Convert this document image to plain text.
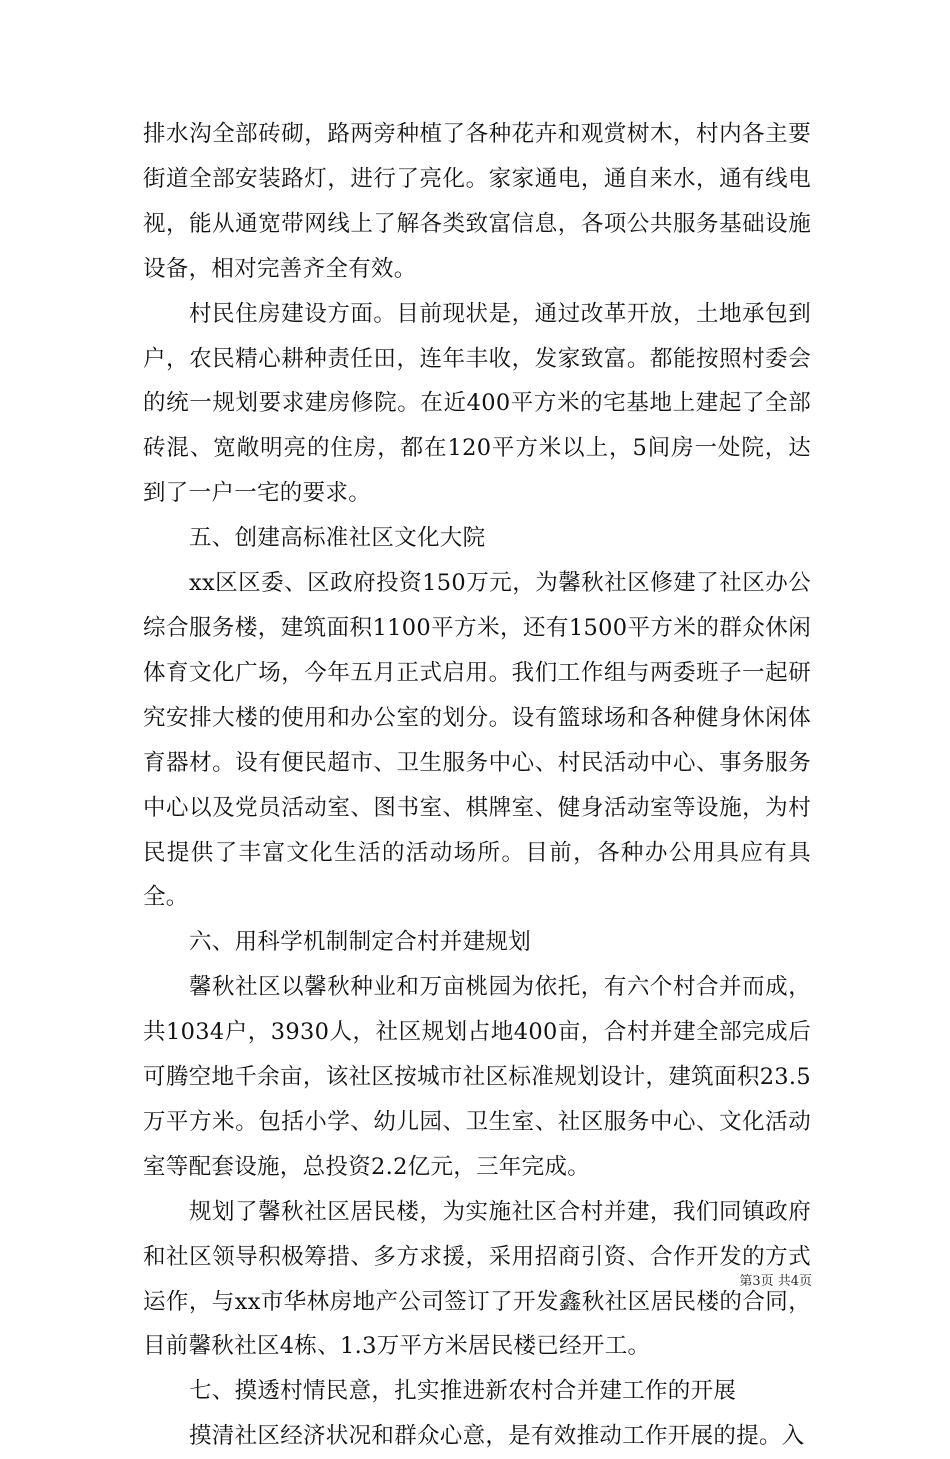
排水沟全部砖砌，路两旁种植了各种花卉和观赏树木，村内各主要街道全部安装路灯，进行了亮化。家家通电，通自来水，通有线电视，能从通宽带网线上了解各类致富信息，各项公共服务基础设施设备，相对完善齐全有效。

村民住房建设方面。目前现状是，通过改革开放，土地承包到户，农民精心耕种责任田，连年丰收，发家致富。都能按照村委会的统一规划要求建房修院。在近400平方米的宅基地上建起了全部砖混、宽敞明亮的住房，都在120平方米以上，5间房一处院，达到了一户一宅的要求。

五、创建高标准社区文化大院

xx区区委、区政府投资150万元，为馨秋社区修建了社区办公综合服务楼，建筑面积1100平方米，还有1500平方米的群众休闲体育文化广场，今年五月正式启用。我们工作组与两委班子一起研究安排大楼的使用和办公室的划分。设有篮球场和各种健身休闲体育器材。设有便民超市、卫生服务中心、村民活动中心、事务服务中心以及党员活动室、图书室、棋牌室、健身活动室等设施，为村民提供了丰富文化生活的活动场所。目前，各种办公用具应有具全。

六、用科学机制制定合村并建规划

馨秋社区以馨秋种业和万亩桃园为依托，有六个村合并而成，共1034户，3930人，社区规划占地400亩，合村并建全部完成后可腾空地千余亩，该社区按城市社区标准规划设计，建筑面积23.5万平方米。包括小学、幼儿园、卫生室、社区服务中心、文化活动室等配套设施，总投资2.2亿元，三年完成。

规划了馨秋社区居民楼，为实施社区合村并建，我们同镇政府和社区领导积极筹措、多方求援，采用招商引资、合作开发的方式运作，与xx市华林房地产公司签订了开发鑫秋社区居民楼的合同，目前馨秋社区4栋、1.3万平方米居民楼已经开工。

七、摸透村情民意，扎实推进新农村合并建工作的开展

摸清社区经济状况和群众心意，是有效推动工作开展的提。入

第3页 共4页
